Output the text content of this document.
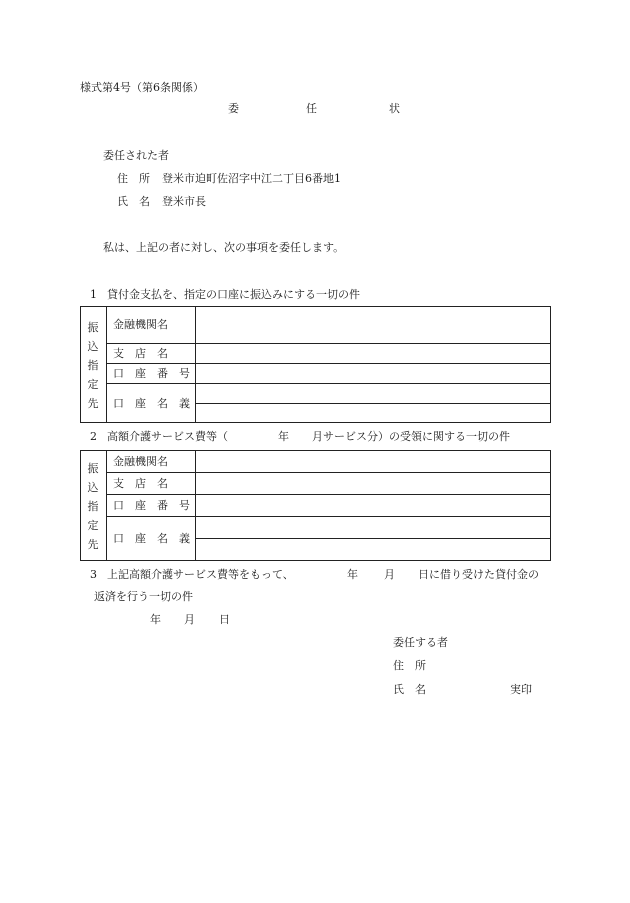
様式第4号（第6条関係）
委	任	状
委任された者
住　所 登米市迫町佐沼字中江二丁目6番地1
氏　名 登米市長
私は、上記の者に対し、次の事項を委任します。
1 貸付金支払を、指定の口座に振込みにする一切の件
振
込
指
定
先
金融機関名
支　店　名
口　座　番　号
口　座　名　義
2 高額介護サービス費等（	年 月サービス分）の受領に関する一切の件
振
込
指
定
先
金融機関名
支　店　名
口　座　番　号
口　座　名　義
3 上記高額介護サービス費等をもって、	年 月 日に借り受けた貸付金の
返済を行う一切の件
年 月 日
委任する者
住　所
氏　名	実印
